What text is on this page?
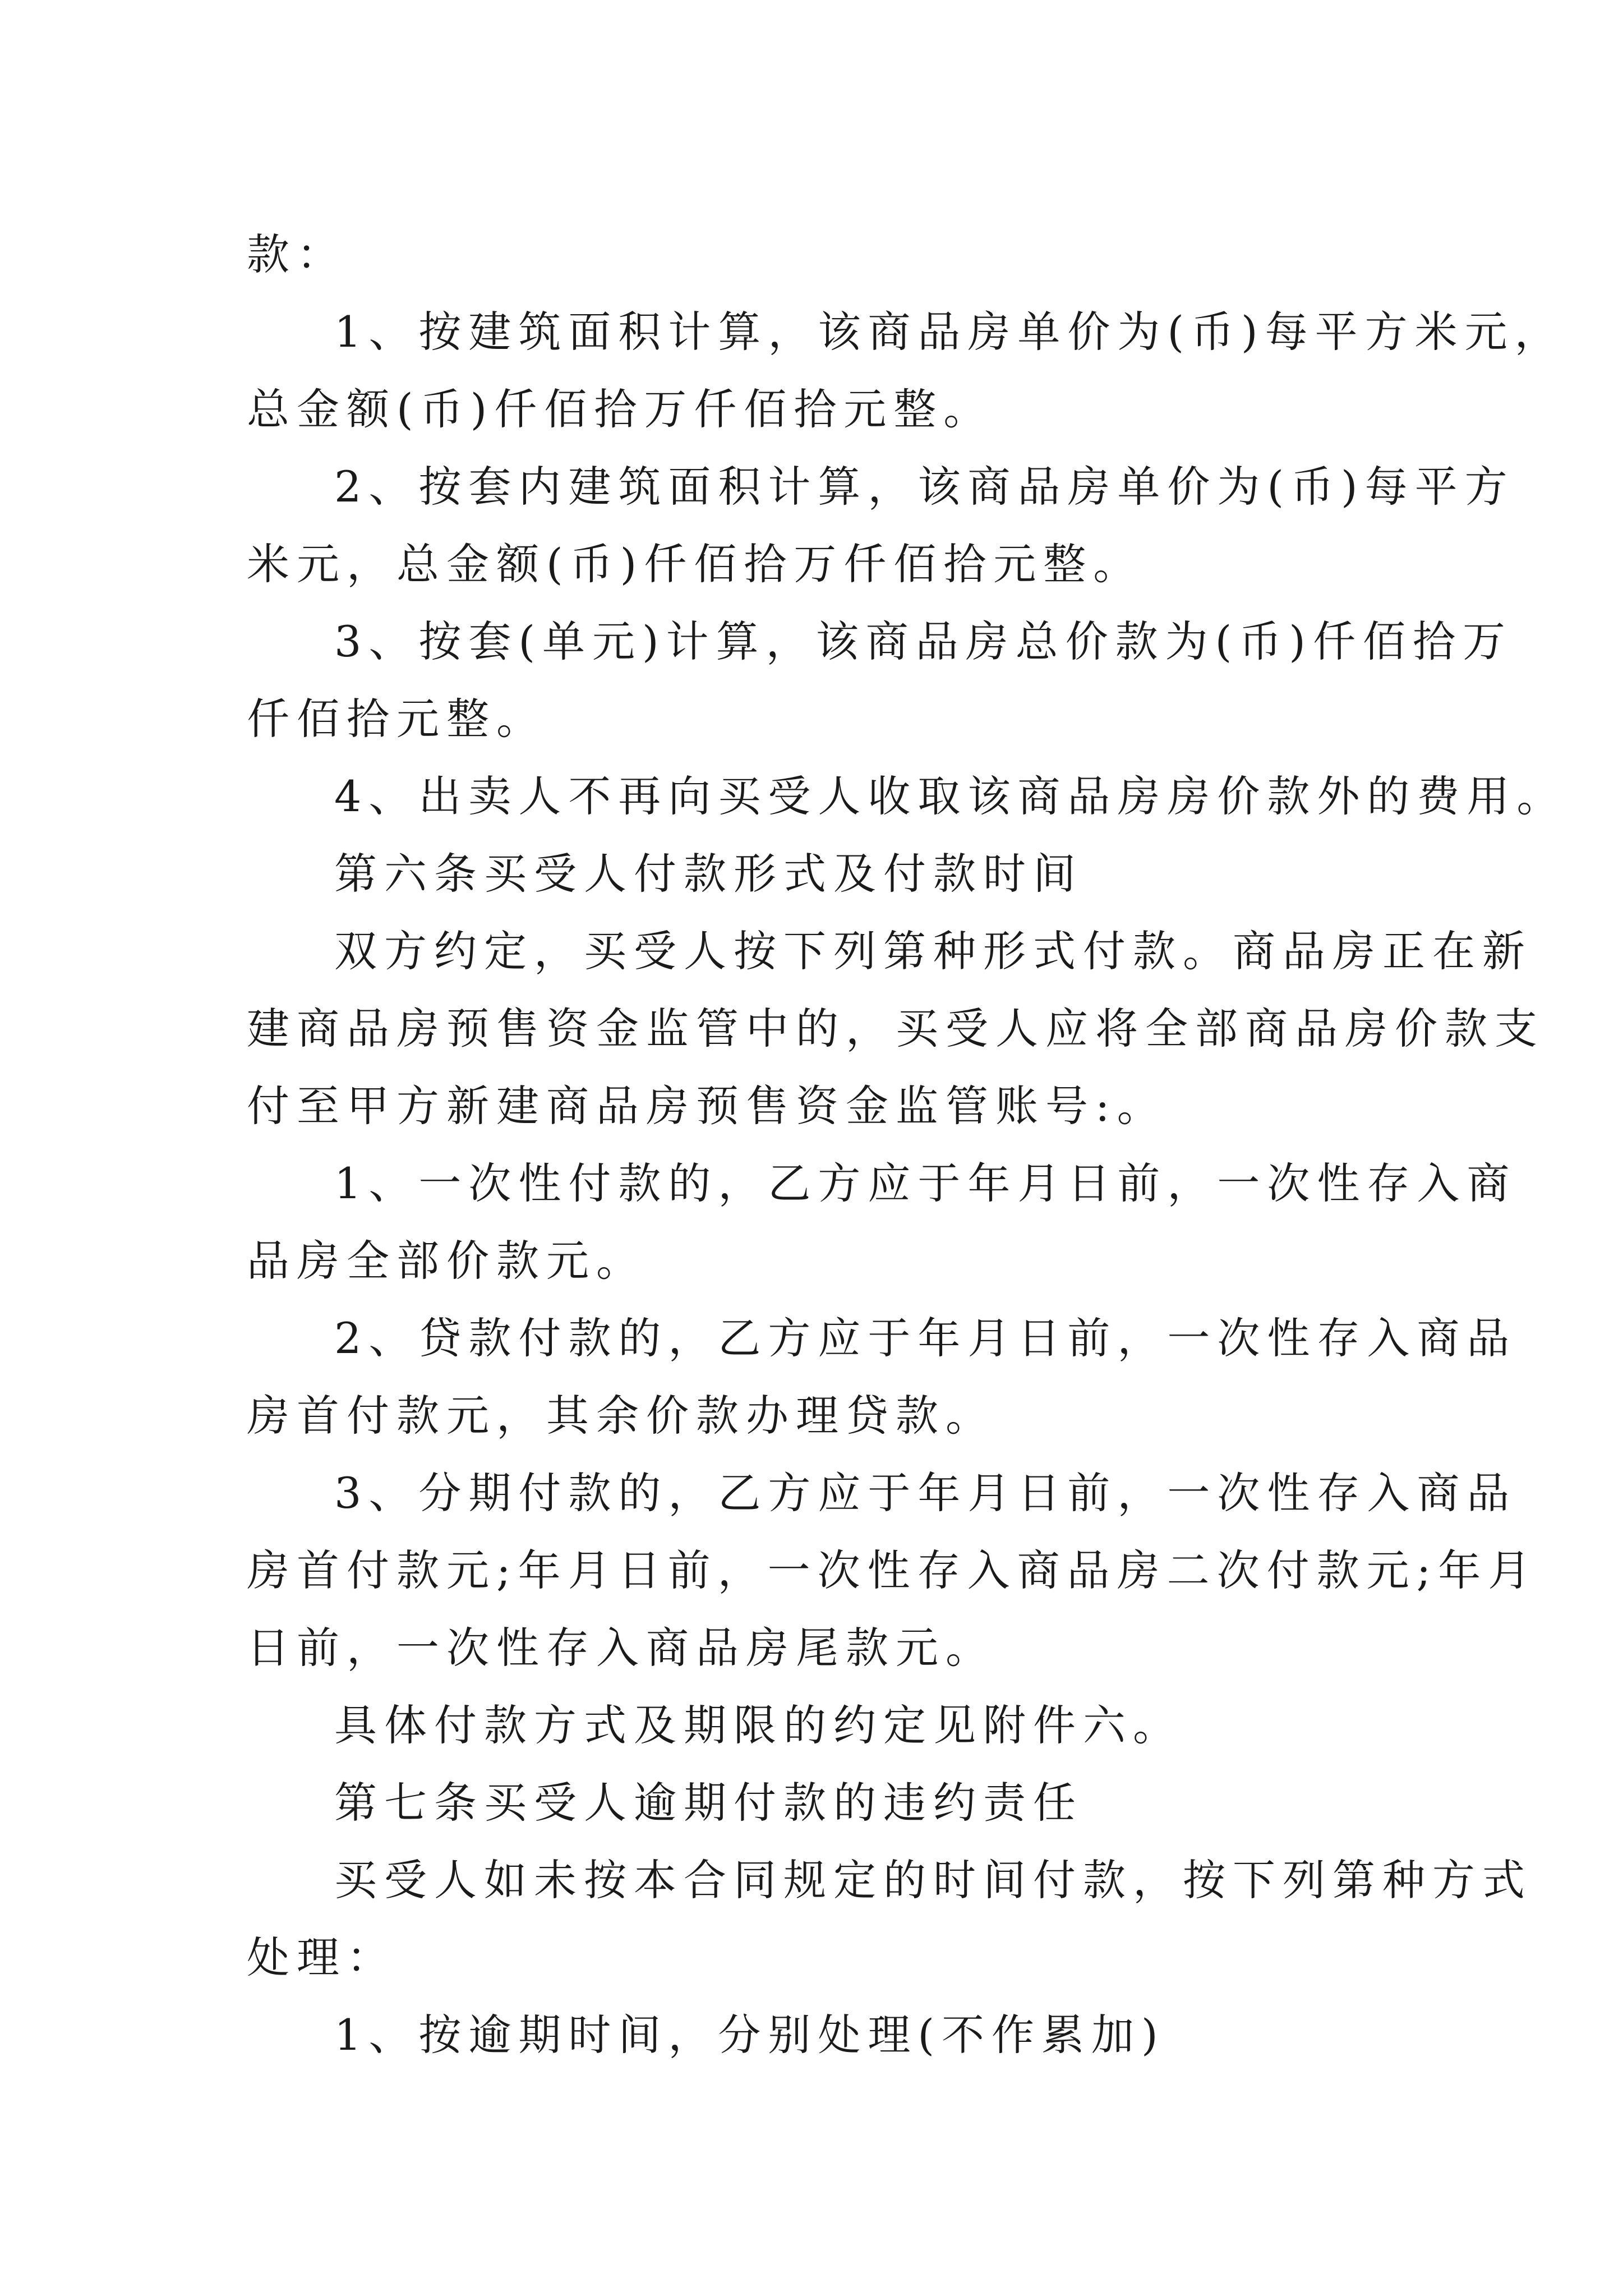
款：
1、按建筑面积计算，该商品房单价为(币)每平方米元，
总金额(币)仟佰拾万仟佰拾元整。
2、按套内建筑面积计算，该商品房单价为(币)每平方
米元，总金额(币)仟佰拾万仟佰拾元整。
3、按套(单元)计算，该商品房总价款为(币)仟佰拾万
仟佰拾元整。
4、出卖人不再向买受人收取该商品房房价款外的费用。
第六条买受人付款形式及付款时间
双方约定，买受人按下列第种形式付款。商品房正在新
建商品房预售资金监管中的，买受人应将全部商品房价款支
付至甲方新建商品房预售资金监管账号:。
1、一次性付款的，乙方应于年月日前，一次性存入商
品房全部价款元。
2、贷款付款的，乙方应于年月日前，一次性存入商品
房首付款元，其余价款办理贷款。
3、分期付款的，乙方应于年月日前，一次性存入商品
房首付款元;年月日前，一次性存入商品房二次付款元;年月
日前，一次性存入商品房尾款元。
具体付款方式及期限的约定见附件六。
第七条买受人逾期付款的违约责任
买受人如未按本合同规定的时间付款，按下列第种方式
处理：
1、按逾期时间，分别处理(不作累加)
